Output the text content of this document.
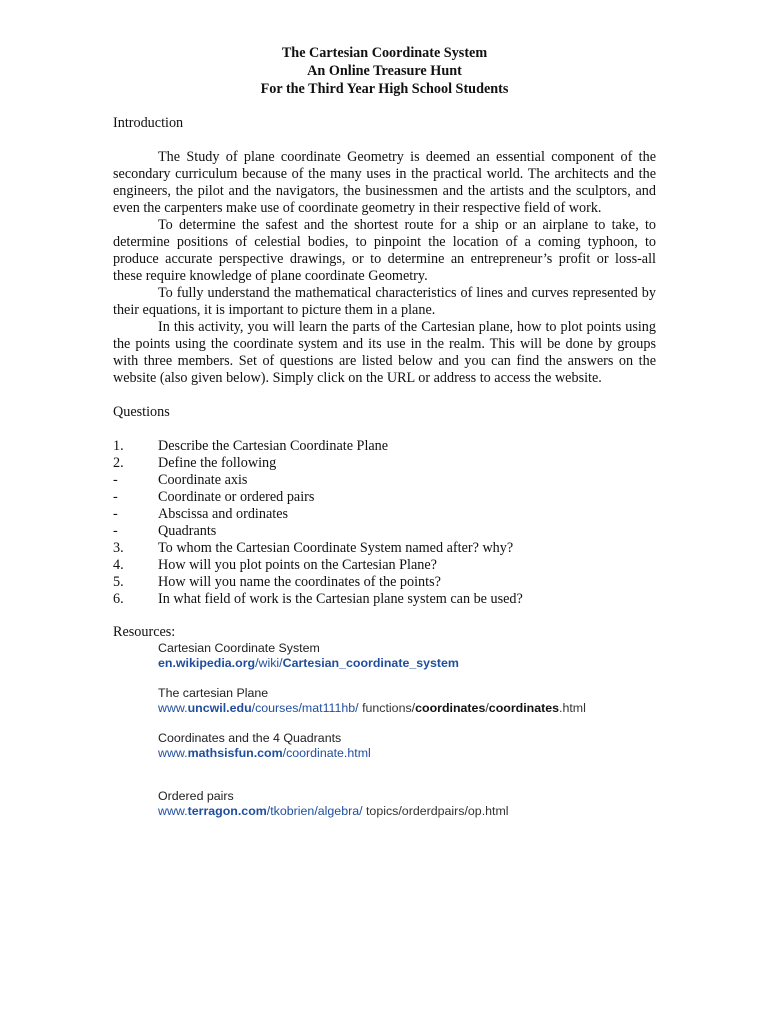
The Cartesian Coordinate System
An Online Treasure Hunt
For the Third Year High School Students
Introduction

The Study of plane coordinate Geometry is deemed an essential component of the secondary curriculum because of the many uses in the practical world. The architects and the engineers, the pilot and the navigators, the businessmen and the artists and the sculptors, and even the carpenters make use of coordinate geometry in their respective field of work.

To determine the safest and the shortest route for a ship or an airplane to take, to determine positions of celestial bodies, to pinpoint the location of a coming typhoon, to produce accurate perspective drawings, or to determine an entrepreneur’s profit or loss-all these require knowledge of plane coordinate Geometry.

To fully understand the mathematical characteristics of lines and curves represented by their equations, it is important to picture them in a plane.

In this activity, you will learn the parts of the Cartesian plane, how to plot points using the points using the coordinate system and its use in the realm. This will be done by groups with three members. Set of questions are listed below and you can find the answers on the website (also given below). Simply click on the URL or address to access the website.

Questions
1.	Describe the Cartesian Coordinate Plane
2.	Define the following
-	Coordinate axis
-	Coordinate or ordered pairs
-	Abscissa and ordinates
-	Quadrants
3.	To whom the Cartesian Coordinate System named after? why?
4.	How will you plot points on the Cartesian Plane?
5.	How will you name the coordinates of the points?
6.	In what field of work is the Cartesian plane system can be used?
Resources:
Cartesian Coordinate System
en.wikipedia.org/wiki/Cartesian_coordinate_system
The cartesian Plane
www.uncwil.edu/courses/mat111hb/ functions/coordinates/coordinates.html
Coordinates and the 4 Quadrants
www.mathsisfun.com/coordinate.html
Ordered pairs
www.terragon.com/tkobrien/algebra/ topics/orderdpairs/op.html
